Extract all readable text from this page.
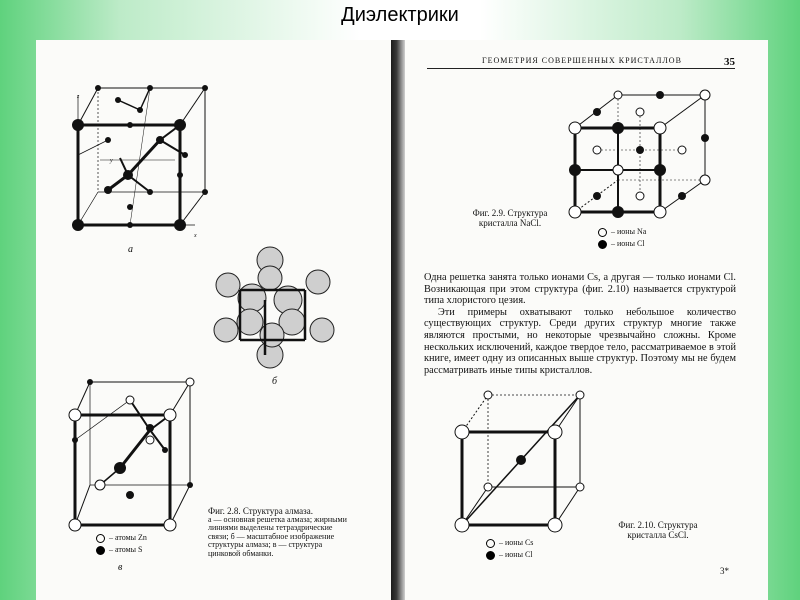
Диэлектрики
z
y
x
а
б
в
– атомы Zn
– атомы S
Фиг. 2.8. Структура алмаза.
а — основная решетка алмаза; жирными линиями выделены тетраэдрические связи; б — масштабное изображение структуры алмаза; в — структура цинковой обманки.
ГЕОМЕТРИЯ СОВЕРШЕННЫХ КРИСТАЛЛОВ	35
Фиг. 2.9. Структура
кристалла NaCl.
– ионы Na
– ионы Cl

Одна решетка занята только ионами Cs, а другая — только ионами Cl. Возникающая при этом структура (фиг. 2.10) называется структурой типа хлористого цезия.

Эти примеры охватывают только небольшое количество существующих структур. Среди других структур многие также являются простыми, но некоторые чрезвычайно сложны. Кроме нескольких исключений, каждое твердое тело, рассматриваемое в этой книге, имеет одну из описанных выше структур. Поэтому мы не будем рассматривать иные типы кристаллов.

Фиг. 2.10. Структура
кристалла CsCl.
– ионы Cs
– ионы Cl
3*
